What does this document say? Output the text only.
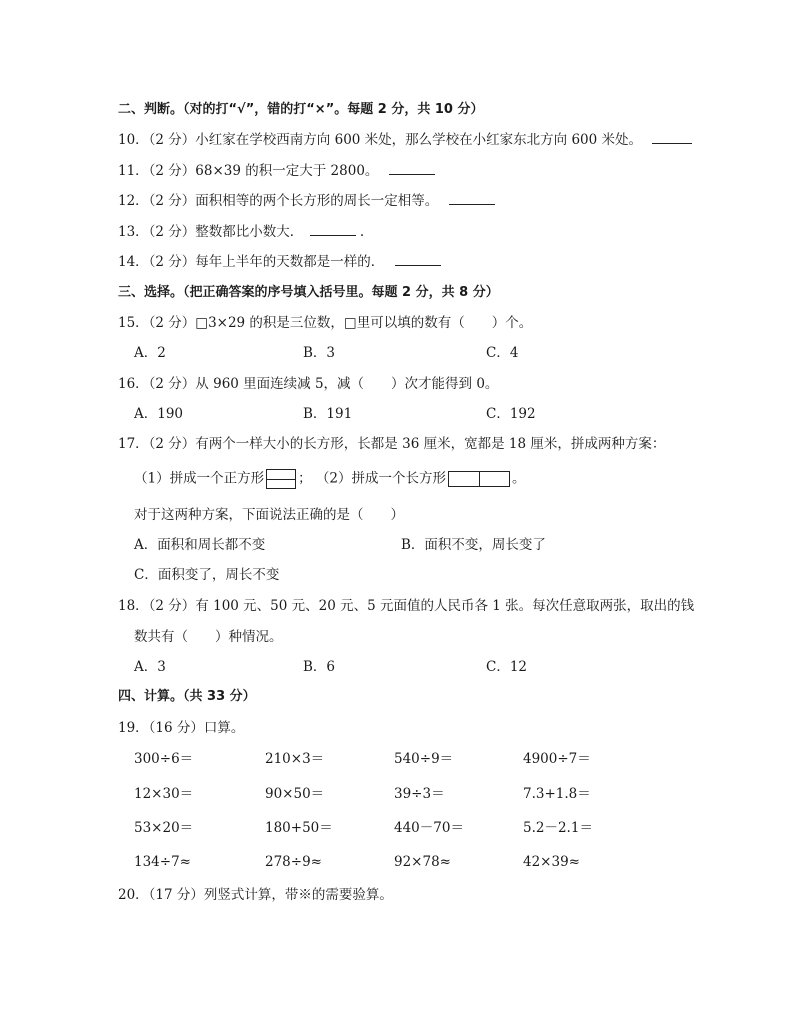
二、判断。（对的打“√”，错的打“×”。每题 2 分，共 10 分）
10．（2 分）小红家在学校西南方向 600 米处，那么学校在小红家东北方向 600 米处。
11．（2 分）68×39 的积一定大于 2800。
12．（2 分）面积相等的两个长方形的周长一定相等。
13．（2 分）整数都比小数大．	.
14．（2 分）每年上半年的天数都是一样的．
三、选择。（把正确答案的序号填入括号里。每题 2 分，共 8 分）
15．（2 分）□3×29 的积是三位数，□里可以填的数有（　　）个。
A．2	B．3	C．4
16．（2 分）从 960 里面连续减 5，减（　　）次才能得到 0。
A．190	B．191	C．192
17．（2 分）有两个一样大小的长方形，长都是 36 厘米，宽都是 18 厘米，拼成两种方案：
（1）拼成一个正方形	； （2）拼成一个长方形	。
对于这两种方案，下面说法正确的是（　　）
A．面积和周长都不变	B．面积不变，周长变了
C．面积变了，周长不变
18．（2 分）有 100 元、50 元、20 元、5 元面值的人民币各 1 张。每次任意取两张，取出的钱
数共有（　　）种情况。
A．3	B．6	C．12
四、计算。（共 33 分）
19．（16 分）口算。
300÷6＝	210×3＝	540÷9＝	4900÷7＝
12×30＝	90×50＝	39÷3＝	7.3+1.8＝
53×20＝	180+50＝	440－70＝	5.2－2.1＝
134÷7≈	278÷9≈	92×78≈	42×39≈
20．（17 分）列竖式计算，带※的需要验算。
